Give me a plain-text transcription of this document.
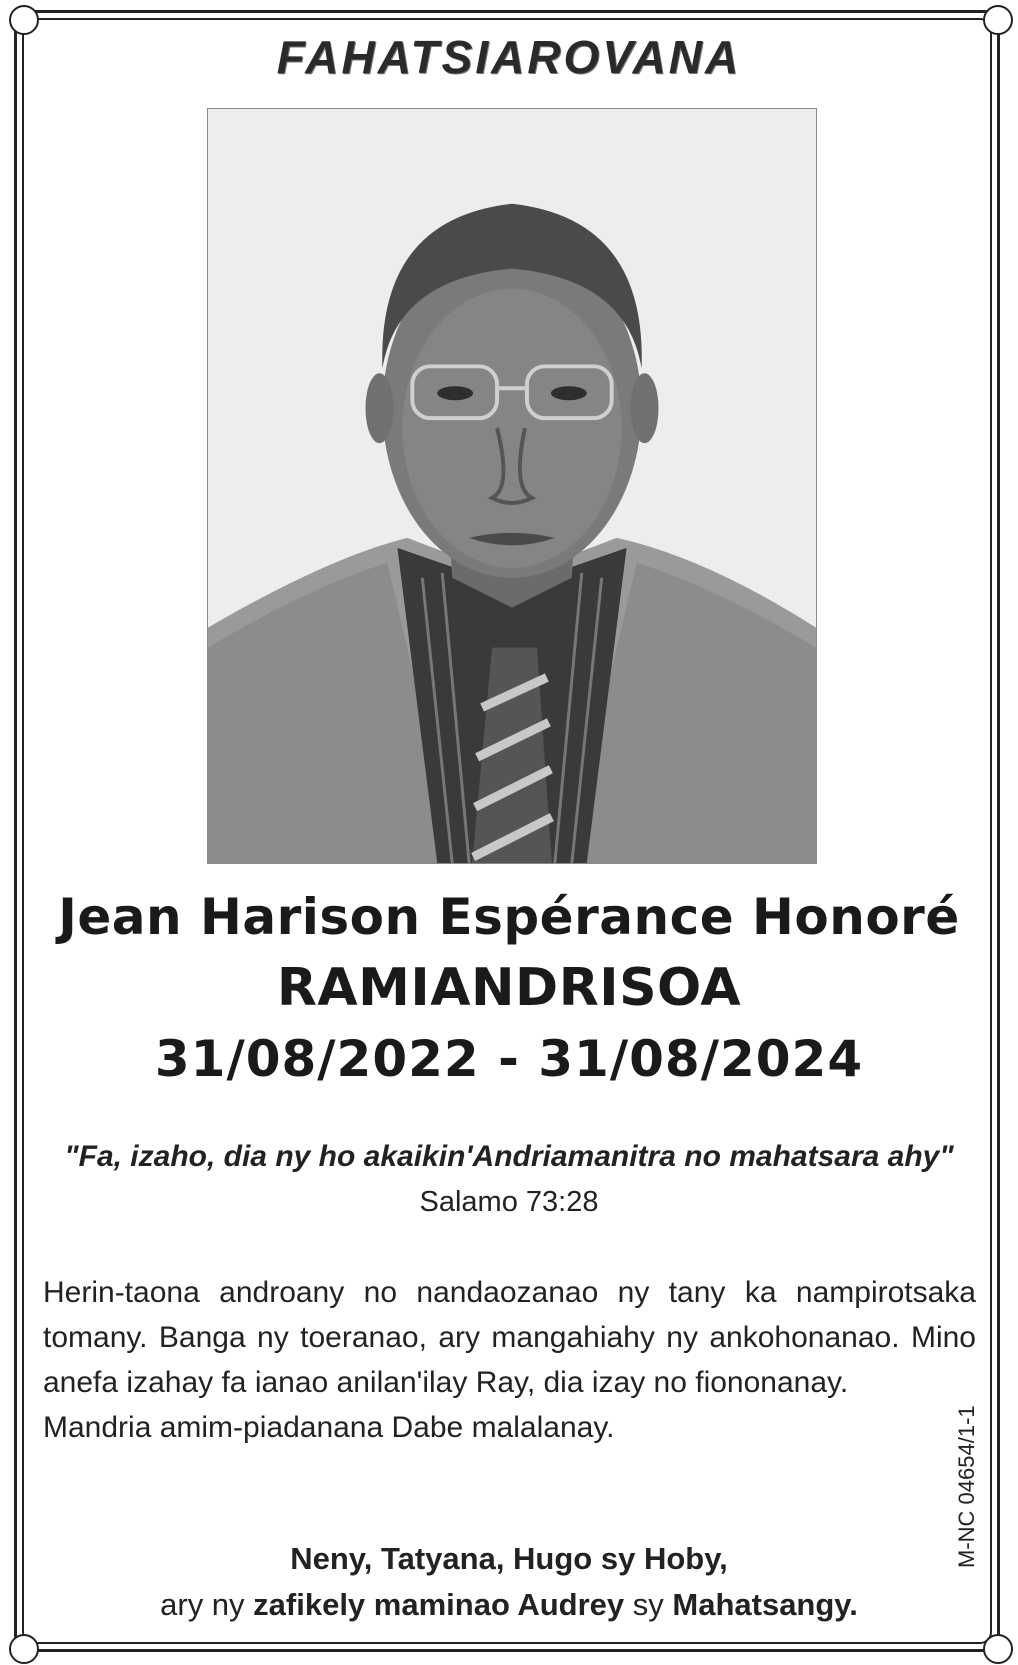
FAHATSIAROVANA
Jean Harison Espérance Honoré
RAMIANDRISOA
31/08/2022 - 31/08/2024
"Fa, izaho, dia ny ho akaikin'Andriamanitra no mahatsara ahy"
Salamo 73:28

Herin-taona androany no nandaozanao ny tany ka nampirotsaka

tomany. Banga ny toeranao, ary mangahiahy ny ankohonanao. Mino

anefa izahay fa ianao anilan'ilay Ray, dia izay no fiononanay.

Mandria amim-piadanana Dabe malalanay.	M-NC 04654/1-1
Neny, Tatyana, Hugo sy Hoby,
ary ny zafikely maminao Audrey sy Mahatsangy.
